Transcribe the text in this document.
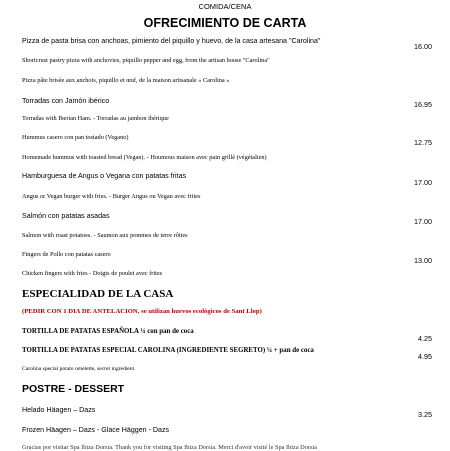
COMIDA/CENA
OFRECIMIENTO DE CARTA
Pizza de pasta brisa con anchoas, pimiento del piquillo y huevo, de la casa artesana "Carolina"
16.00
Shortcrust pastry pizza with anchovies, piquillo pepper and egg, from the artisan house "Carolina"
Pizza pâte brisée aux anchois, piquillo et œuf, de la maison artisanale « Carolina »
Torradas con Jamón ibérico	16.95
Torradas with Iberian Ham. - Torradas au jambon ibérique
Hummus casero con pan tostado (Vegano)
12.75
Homemade hummus with toasted bread (Vegan). - Houmous maison avec pain grillé (végétalien)
Hamburguesa de Angus o Vegana con patatas fritas
17.00
Angus or Vegan burger with fries. - Burger Angus ou Vegan avec frites
Salmón con patatas asadas
17.00
Salmon with roast potatoes. - Saumon aux pommes de terre rôties
Fingers de Pollo con patatas casero
13.00
Chicken fingers with fries - Doigts de poulet avec frites
ESPECIALIDAD DE LA CASA
(PEDIR CON 1 DIA DE ANTELACION, se utilizan huevos ecológicos de Sant Llop)
TORTILLA DE PATATAS ESPAÑOLA ¼ con pan de coca
4.25
TORTILLA DE PATATAS ESPECIAL CAROLINA (INGREDIENTE SEGRETO) ¼ + pan de coca
4.95
Carolina special potato omelette, secret ingredient
POSTRE - DESSERT
Helado Häagen – Dazs	3.25
Frozen Häagen – Dazs - Glace Häggen - Dazs
Gracias por visitar Spa Ibiza Dorsia. Thank you for visiting Spa Ibiza Dorsia. Merci d'avoir visité le Spa Ibiza Dorsia
